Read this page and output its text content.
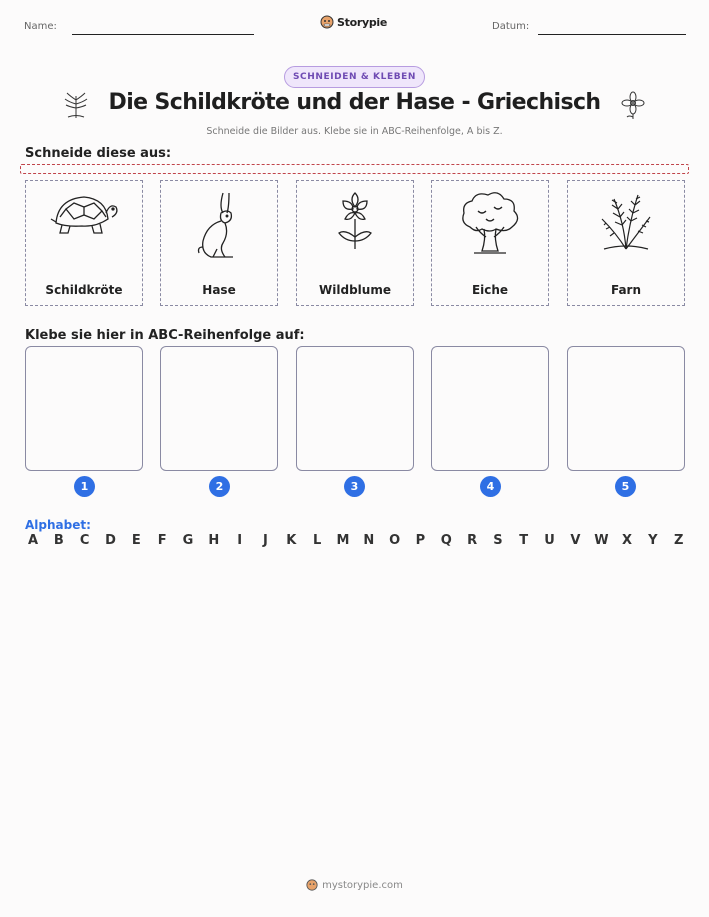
Name:	Storypie	Datum:
SCHNEIDEN & KLEBEN
Die Schildkröte und der Hase - Griechisch
Schneide die Bilder aus. Klebe sie in ABC-Reihenfolge, A bis Z.
Schneide diese aus:
Schildkröte	Hase	Wildblume	Eiche	Farn
Klebe sie hier in ABC-Reihenfolge auf:
1	2	3	4	5
Alphabet:
A B C D E F G H	I	J	K L M N O P Q R S T U V W X Y Z
mystorypie.com
